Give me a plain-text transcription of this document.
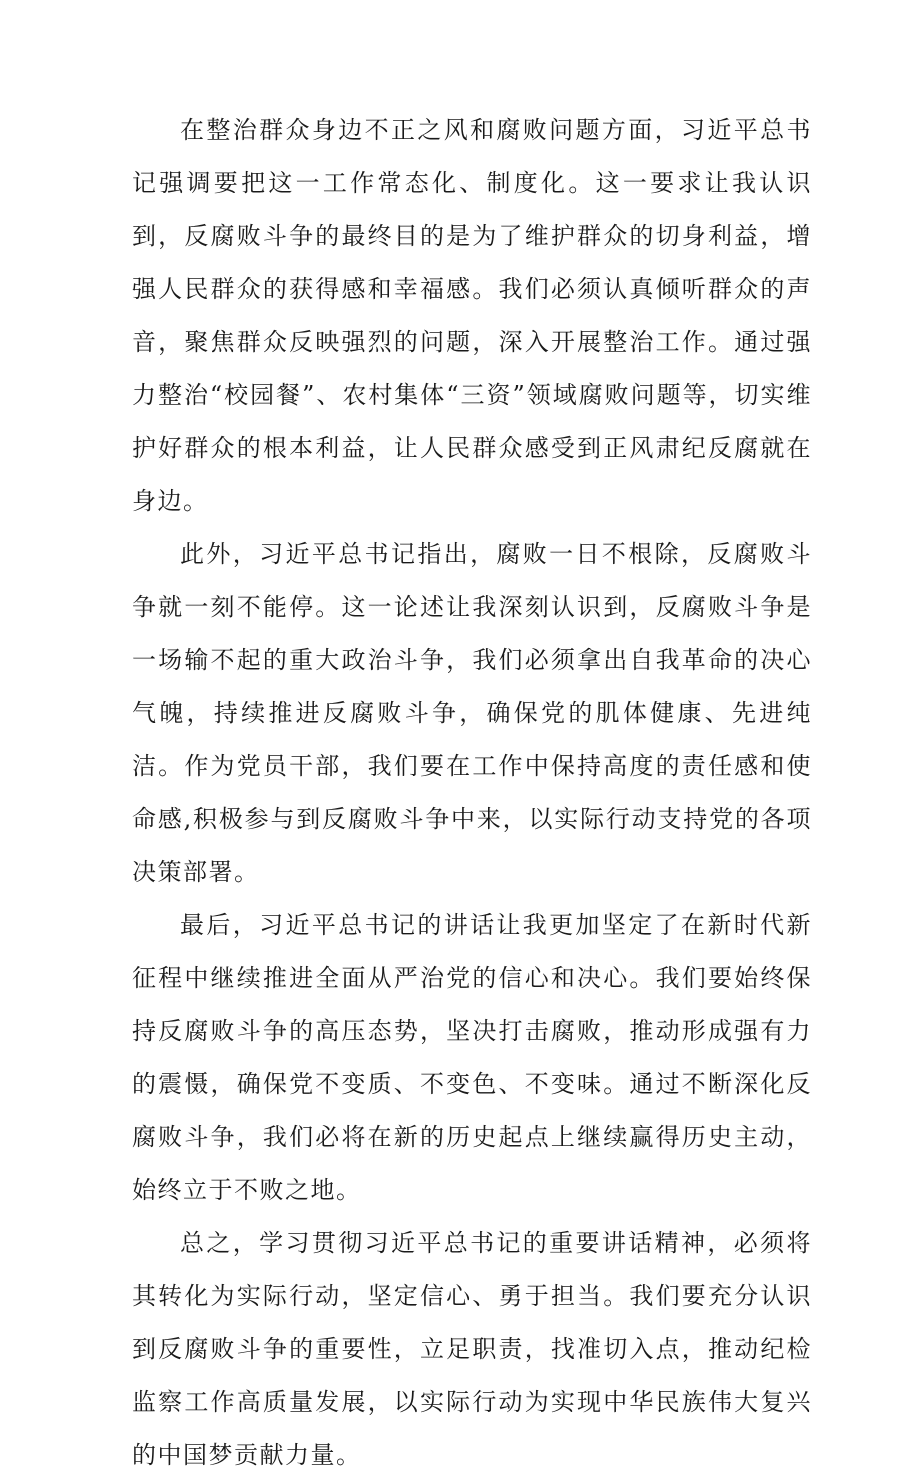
在整治群众身边不正之风和腐败问题方面，习近平总书记强调要把这一工作常态化、制度化。这一要求让我认识到，反腐败斗争的最终目的是为了维护群众的切身利益，增强人民群众的获得感和幸福感。我们必须认真倾听群众的声音，聚焦群众反映强烈的问题，深入开展整治工作。通过强力整治“校园餐”、农村集体“三资”领域腐败问题等，切实维护好群众的根本利益，让人民群众感受到正风肃纪反腐就在身边。

此外，习近平总书记指出，腐败一日不根除，反腐败斗争就一刻不能停。这一论述让我深刻认识到，反腐败斗争是一场输不起的重大政治斗争，我们必须拿出自我革命的决心气魄，持续推进反腐败斗争，确保党的肌体健康、先进纯洁。作为党员干部，我们要在工作中保持高度的责任感和使命感,积极参与到反腐败斗争中来，以实际行动支持党的各项决策部署。

最后，习近平总书记的讲话让我更加坚定了在新时代新征程中继续推进全面从严治党的信心和决心。我们要始终保持反腐败斗争的高压态势，坚决打击腐败，推动形成强有力的震慑，确保党不变质、不变色、不变味。通过不断深化反腐败斗争，我们必将在新的历史起点上继续赢得历史主动，始终立于不败之地。

总之，学习贯彻习近平总书记的重要讲话精神，必须将其转化为实际行动，坚定信心、勇于担当。我们要充分认识到反腐败斗争的重要性，立足职责，找准切入点，推动纪检监察工作高质量发展，以实际行动为实现中华民族伟大复兴的中国梦贡献力量。
